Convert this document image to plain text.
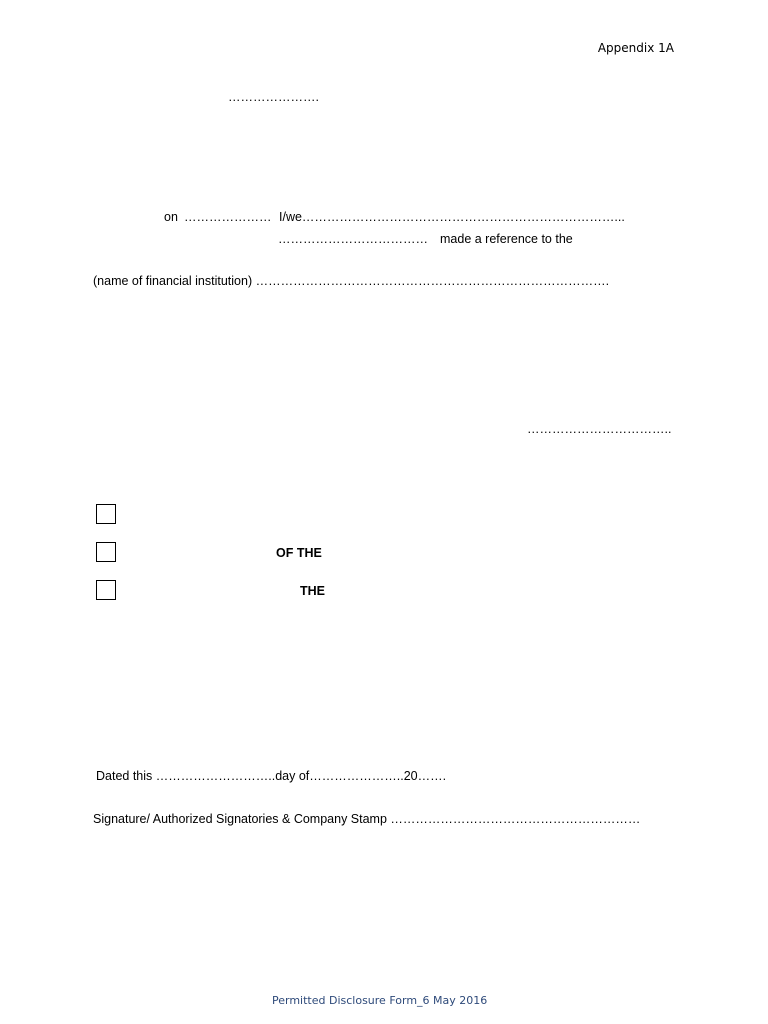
Appendix 1A
………………….
on ………………… I/we…………………………………………………………………...
……………………………… made a reference to the
(name of financial institution) ………………………………………………………………………….
……………………………..
OF THE
THE
Dated this ………………………..day of…………………..20…….
Signature/ Authorized Signatories & Company Stamp ……………………………………………………
Permitted Disclosure Form_6 May 2016
